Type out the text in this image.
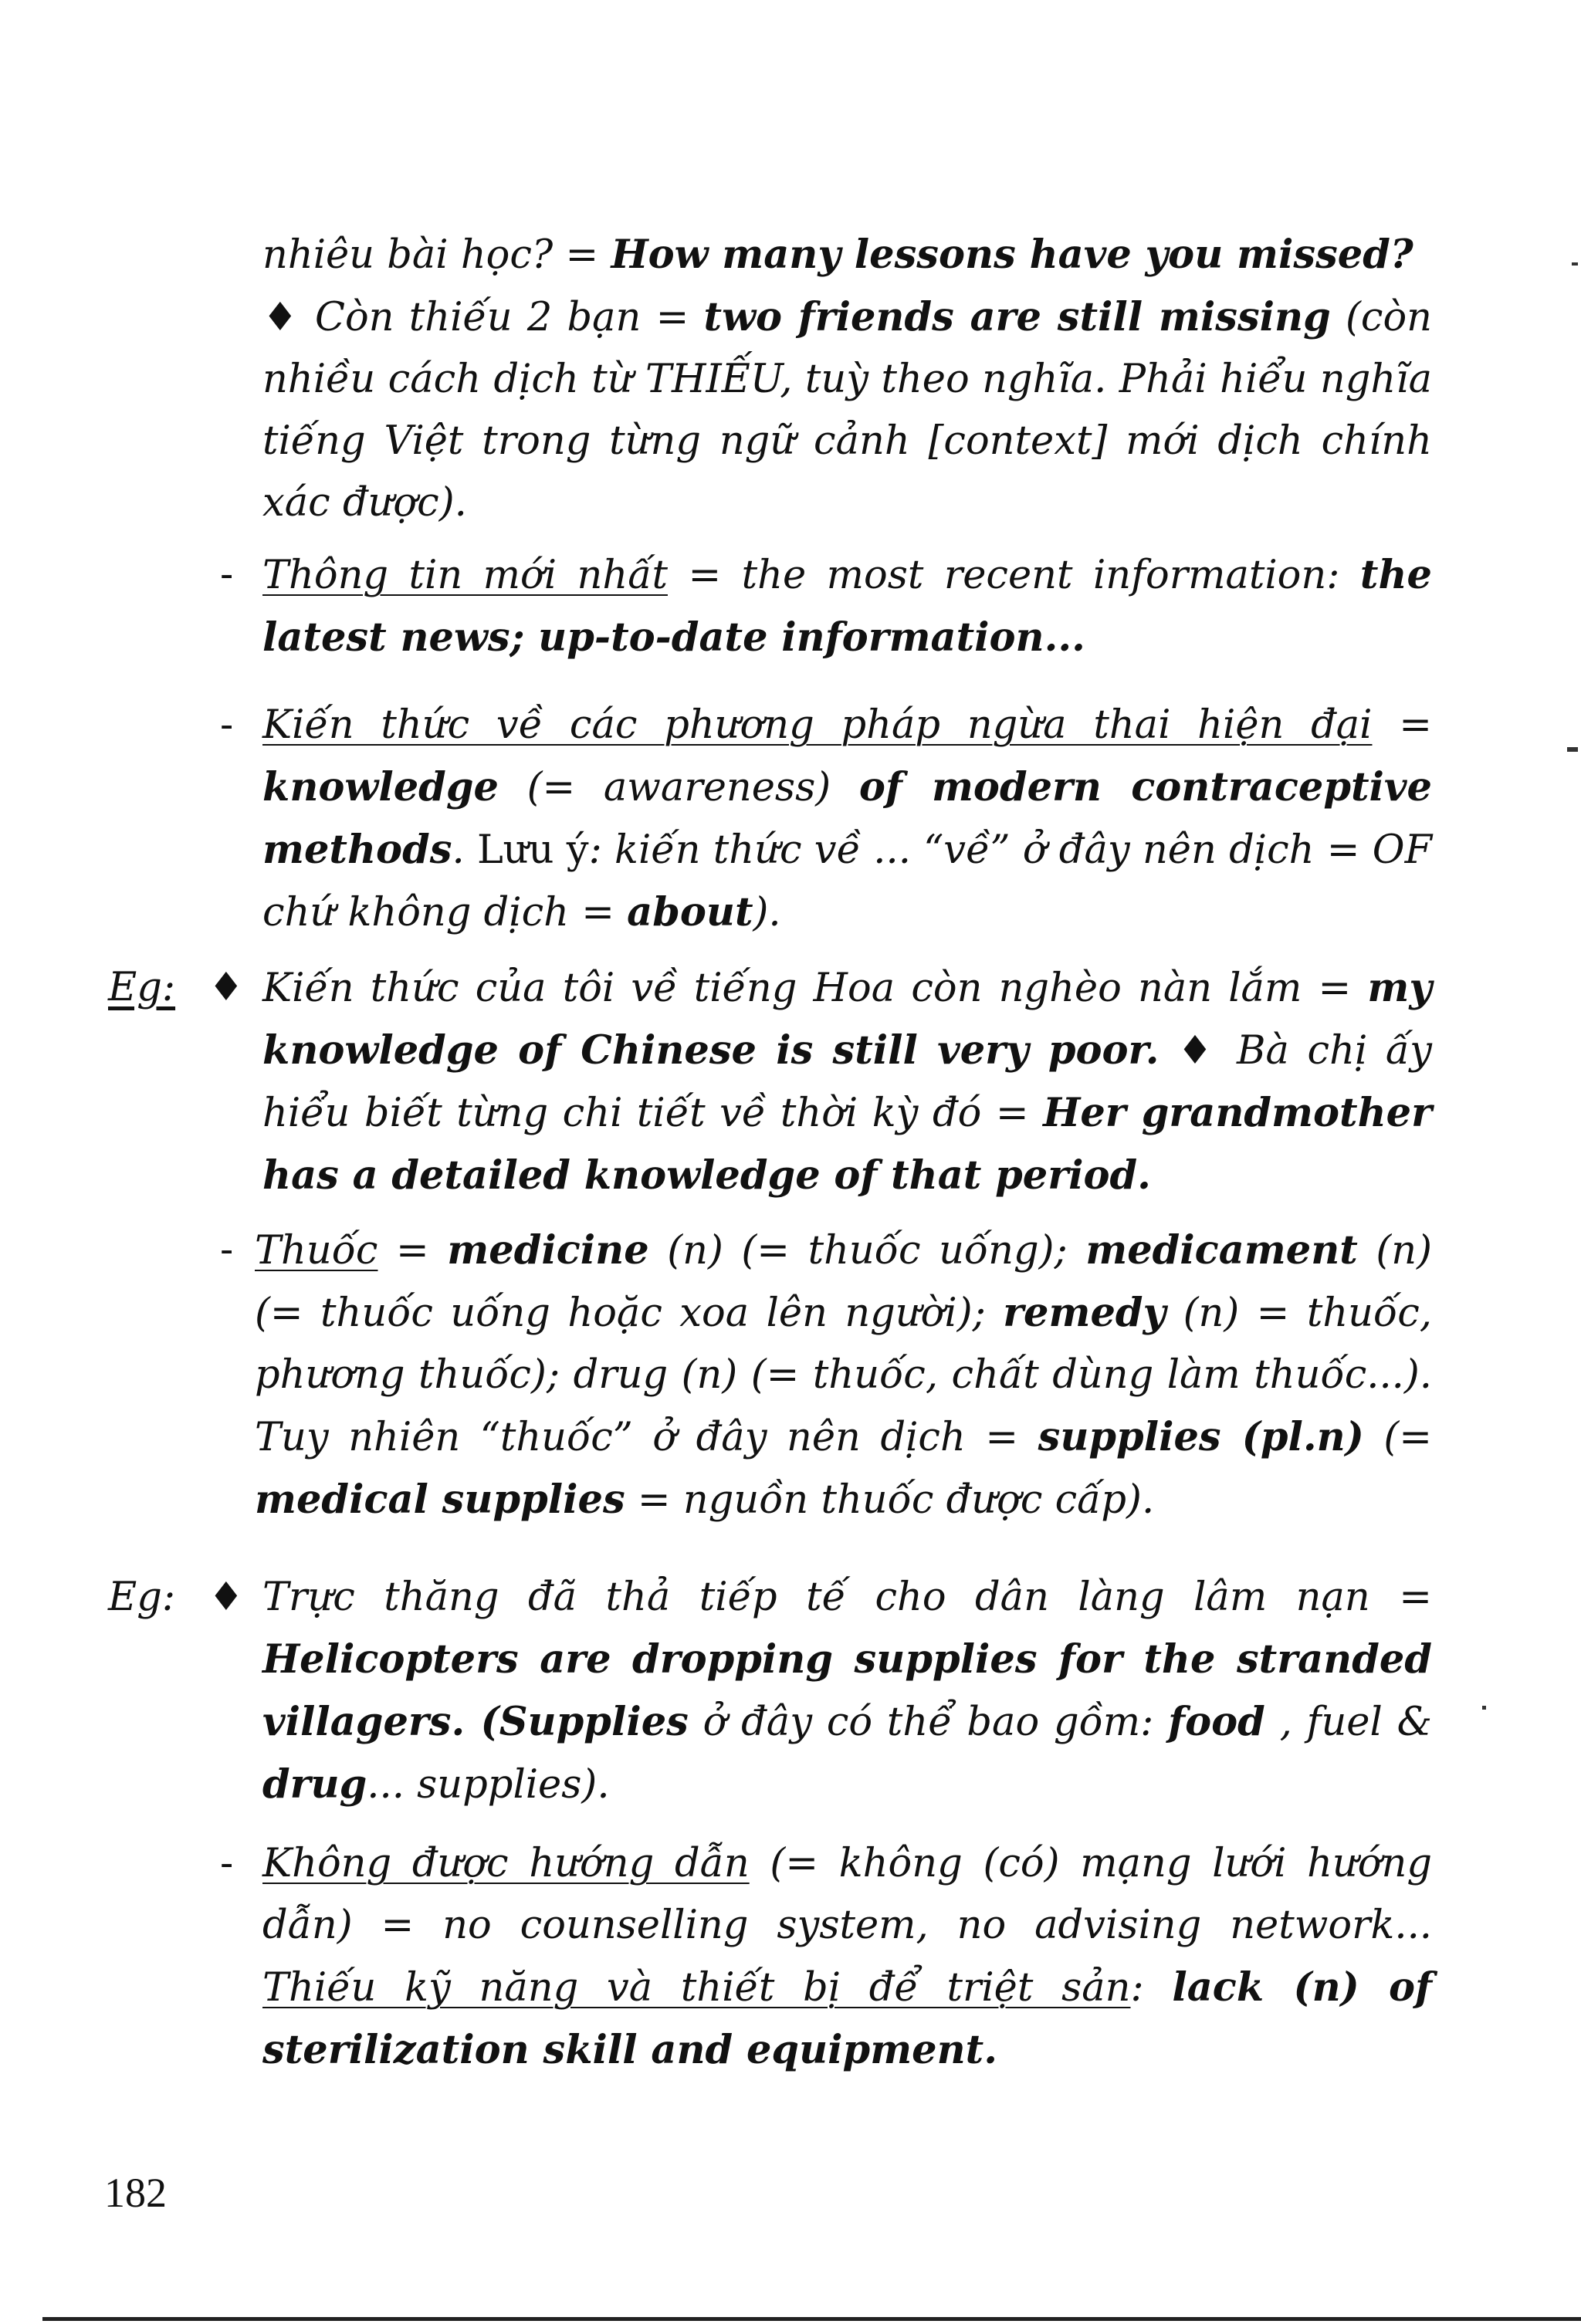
nhiêu bài học? = How many lessons have you missed?
♦ Còn thiếu 2 bạn = two friends are still missing (còn nhiều cách dịch từ THIẾU, tuỳ theo nghĩa. Phải hiểu nghĩa tiếng Việt trong từng ngữ cảnh [context] mới dịch chính xác được).

- Thông tin mới nhất = the most recent information: the latest news; up-to-date information...

- Kiến thức về các phương pháp ngừa thai hiện đại = knowledge (= awareness) of modern contraceptive methods. Lưu ý: kiến thức về ... “về” ở đây nên dịch = OF chứ không dịch = about).

Eg: ♦ Kiến thức của tôi về tiếng Hoa còn nghèo nàn lắm = my knowledge of Chinese is still very poor. ♦ Bà chị ấy hiểu biết từng chi tiết về thời kỳ đó = Her grandmother has a detailed knowledge of that period.

- Thuốc = medicine (n) (= thuốc uống); medicament (n) (= thuốc uống hoặc xoa lên người); remedy (n) = thuốc, phương thuốc); drug (n) (= thuốc, chất dùng làm thuốc...). Tuy nhiên “thuốc” ở đây nên dịch = supplies (pl.n) (= medical supplies = nguồn thuốc được cấp).

Eg: ♦ Trực thăng đã thả tiếp tế cho dân làng lâm nạn = Helicopters are dropping supplies for the stranded villagers. (Supplies ở đây có thể bao gồm: food , fuel & drug... supplies).

- Không được hướng dẫn (= không (có) mạng lưới hướng dẫn) = no counselling system, no advising network... Thiếu kỹ năng và thiết bị để triệt sản: lack (n) of sterilization skill and equipment.

182
